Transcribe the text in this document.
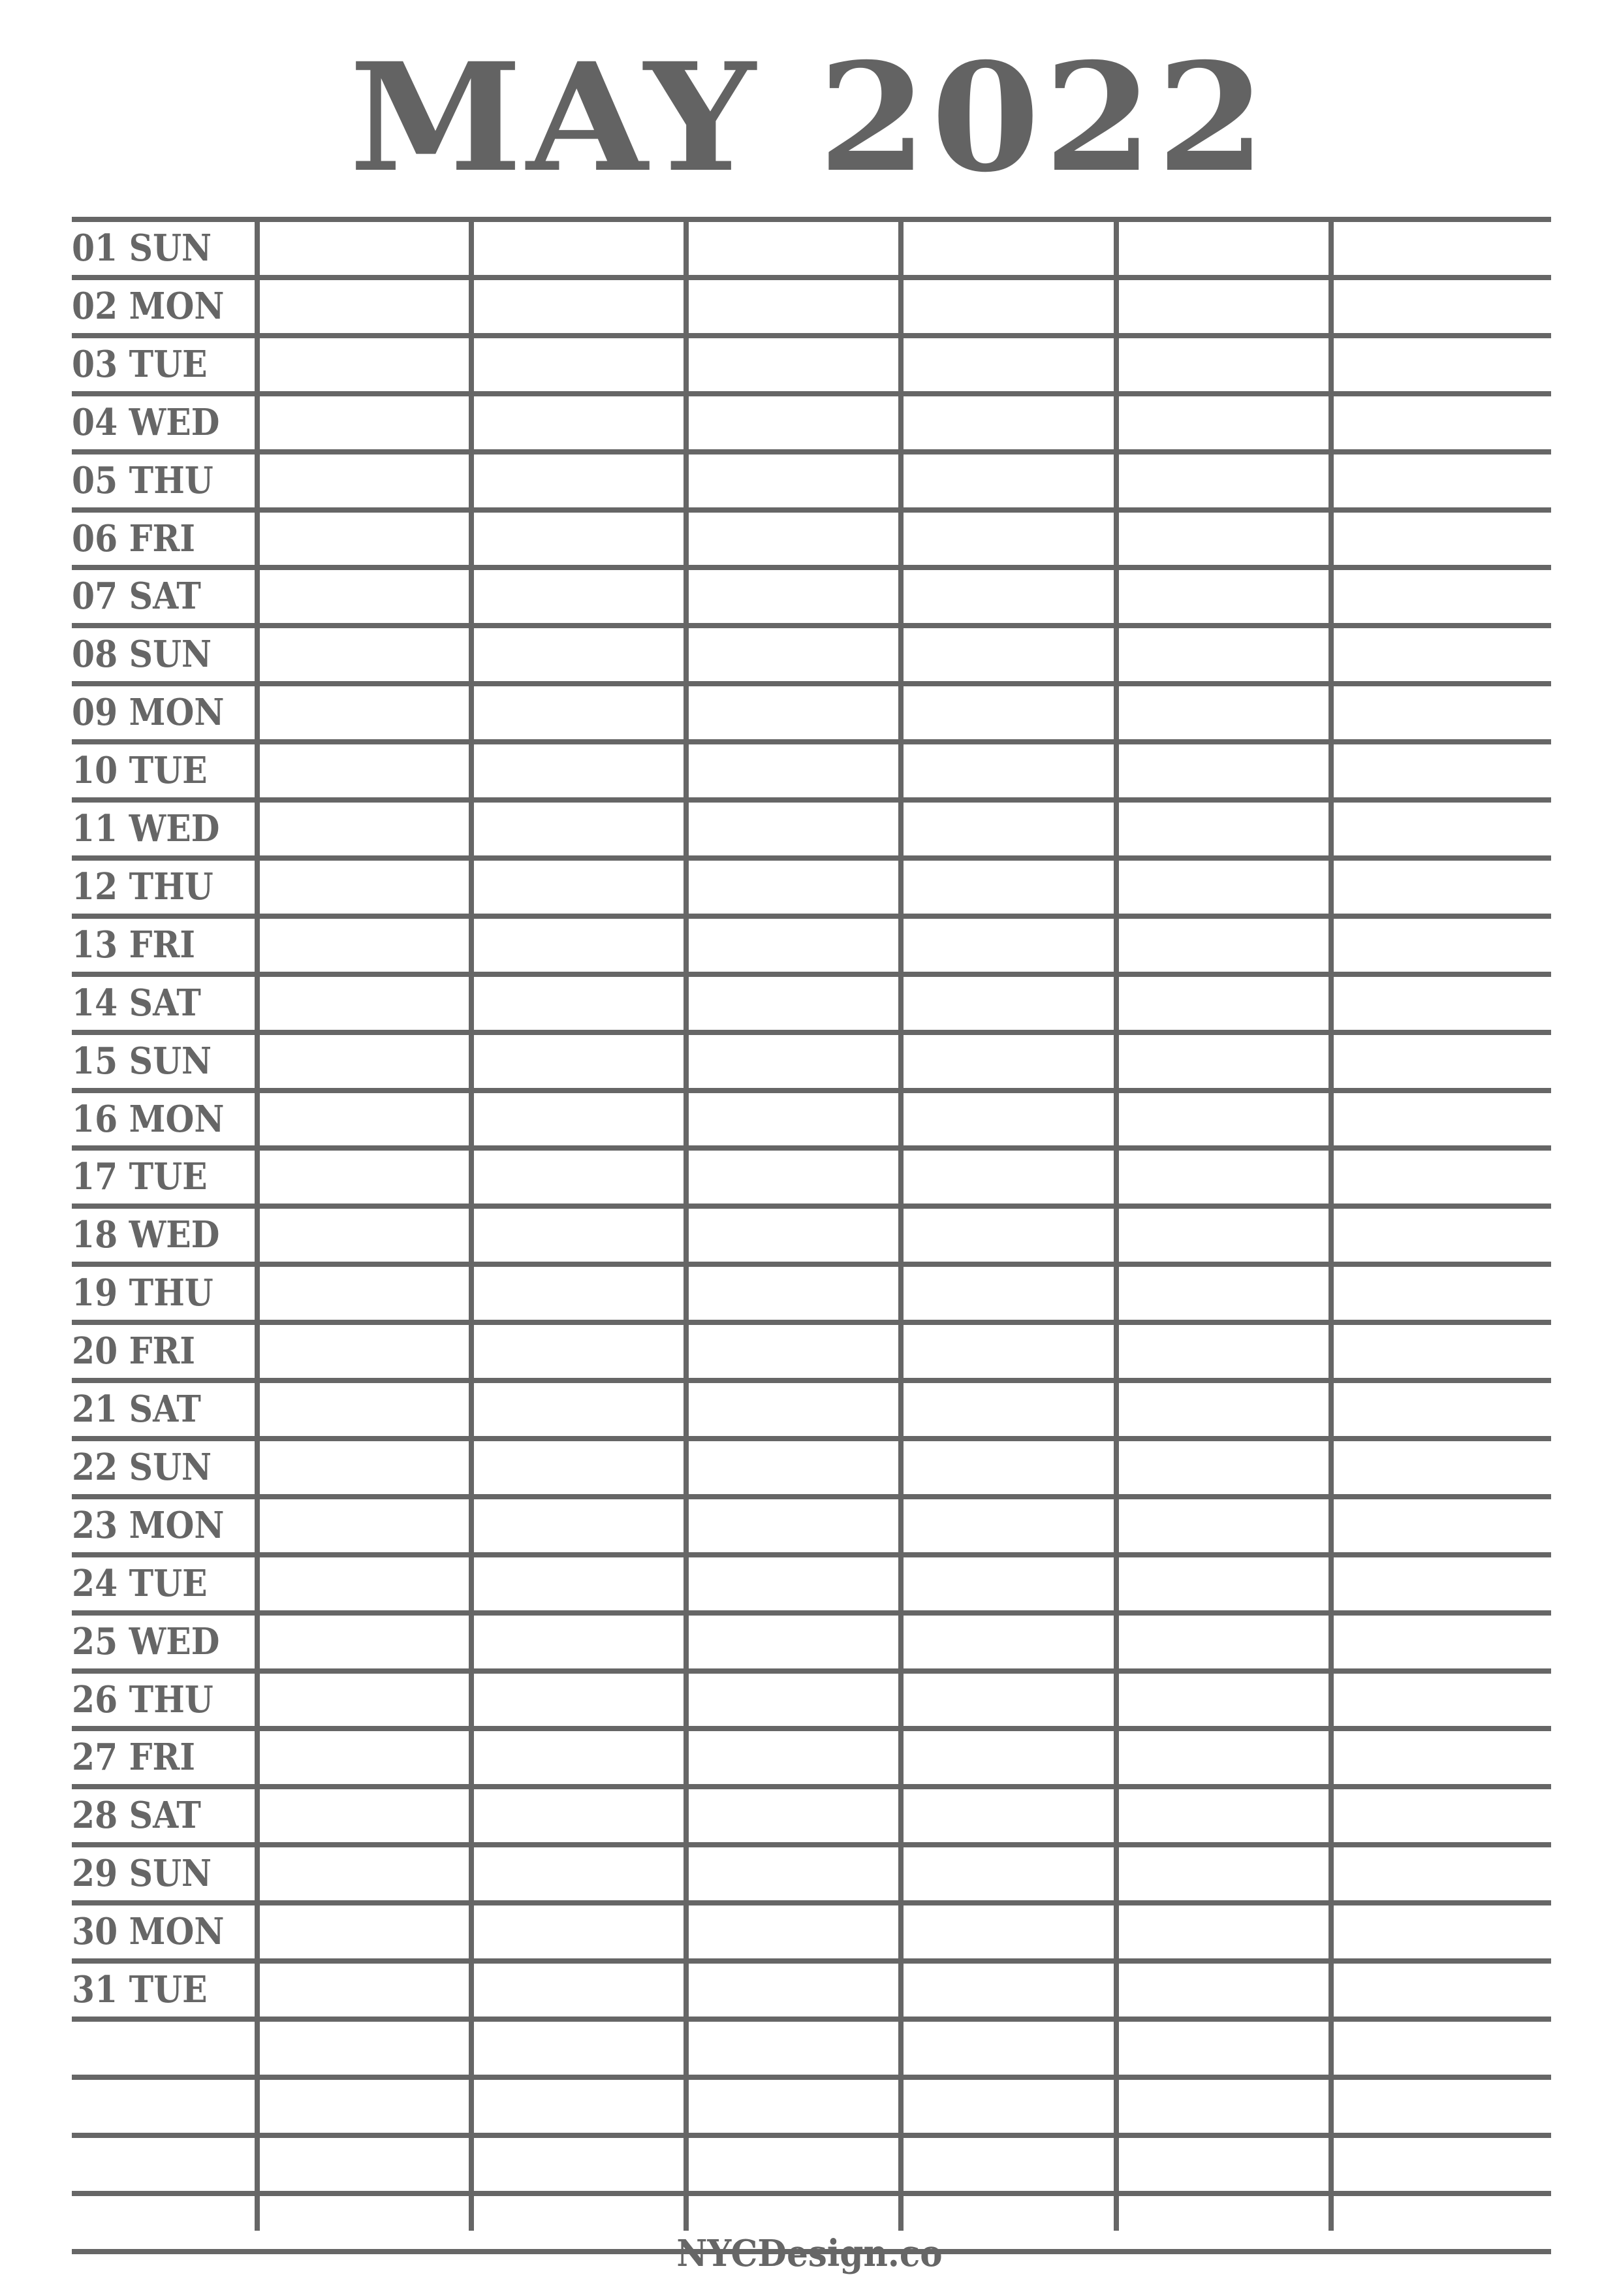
MAY 2022
01 SUN
02 MON
03 TUE
04 WED
05 THU
06 FRI
07 SAT
08 SUN
09 MON
10 TUE
11 WED
12 THU
13 FRI
14 SAT
15 SUN
16 MON
17 TUE
18 WED
19 THU
20 FRI
21 SAT
22 SUN
23 MON
24 TUE
25 WED
26 THU
27 FRI
28 SAT
29 SUN
30 MON
31 TUE
NYCDesign.co
